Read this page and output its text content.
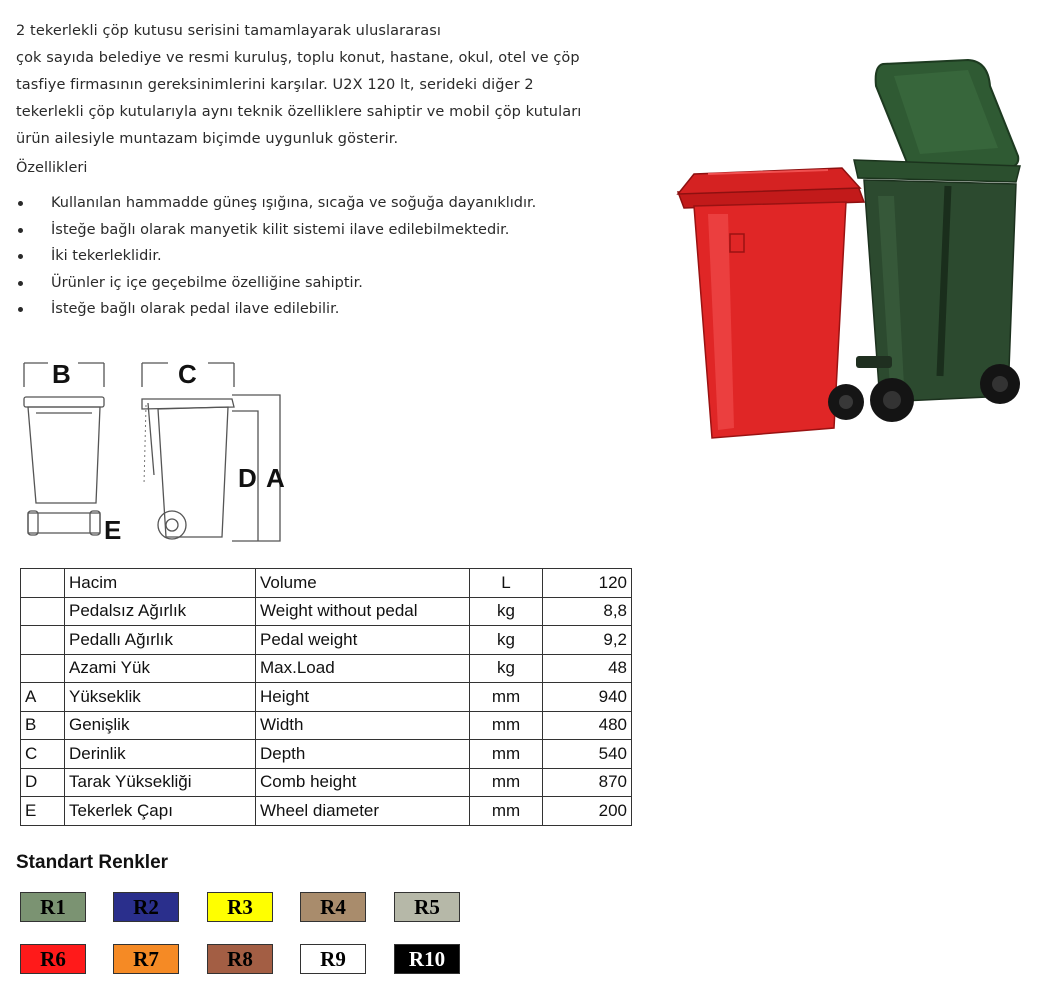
2 tekerlekli çöp kutusu serisini tamamlayarak uluslararası

çok sayıda belediye ve resmi kuruluş, toplu konut, hastane, okul, otel ve çöp

tasfiye firmasının gereksinimlerini karşılar. U2X 120 lt, serideki diğer 2

tekerlekli çöp kutularıyla aynı teknik özelliklere sahiptir ve mobil çöp kutuları

ürün ailesiyle muntazam biçimde uygunluk gösterir.

Özellikleri
Kullanılan hammadde güneş ışığına, sıcağa ve soğuğa dayanıklıdır.
İsteğe bağlı olarak manyetik kilit sistemi ilave edilebilmektedir.
İki tekerleklidir.
Ürünler iç içe geçebilme özelliğine sahiptir.
İsteğe bağlı olarak pedal ilave edilebilir.
B	C
D A
E
	Hacim	Volume	L	120
	Pedalsız Ağırlık	Weight without pedal	kg	8,8
	Pedallı Ağırlık	Pedal weight	kg	9,2
	Azami Yük	Max.Load	kg	48
A	Yükseklik	Height	mm	940
B	Genişlik	Width	mm	480
C	Derinlik	Depth	mm	540
D	Tarak Yüksekliği	Comb height	mm	870
E	Tekerlek Çapı	Wheel diameter	mm	200
Standart Renkler
R1	R2	R3	R4	R5
R6	R7	R8	R9	R10
